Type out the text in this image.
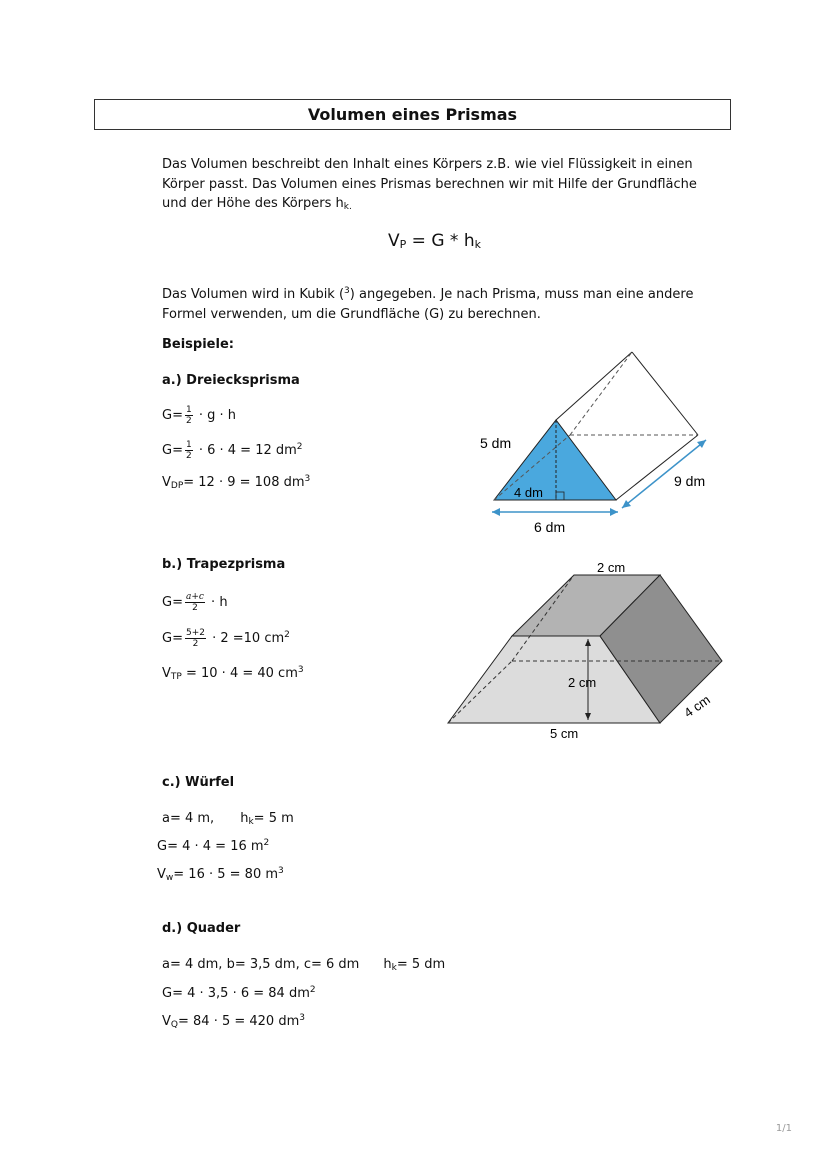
Volumen eines Prismas
Das Volumen beschreibt den Inhalt eines Körpers z.B. wie viel Flüssigkeit in einen
Körper passt. Das Volumen eines Prismas berechnen wir mit Hilfe der Grundfläche
und der Höhe des Körpers $h_{k.}$
$V_P = G * h_k$
Das Volumen wird in Kubik ($^3$) angegeben. Je nach Prisma, muss man eine andere
Formel verwenden, um die Grundfläche (G) zu berechnen.
Beispiele:
a.) Dreiecksprisma
$G= \frac{1}{2} \cdot g \cdot h$
$G= \frac{1}{2} \cdot 6 \cdot 4 = 12$ $dm^2$
$V_{DP}= 12 \cdot 9 = 108$ $dm^3$
5 dm
4 dm
6 dm
9 dm
b.) Trapezprisma
$G= \frac{a+c}{2} \cdot h$
$G= \frac{5+2}{2} \cdot 2 =10$ $cm^2$
$V_{TP} = 10 \cdot 4 = 40$ $cm^3$
2 cm
2 cm
5 cm
4 cm
c.) Würfel
a= 4 m, $h_k= 5$ m
G= 4 · 4 = 16 $m^2$
$V_w= 16 \cdot 5 = 80$ $m^3$
d.) Quader
a= 4 dm, b= 3,5 dm, c= 6 dm $h_k= 5$ dm
G= 4 · 3,5 · 6 = 84 $dm^2$
$V_Q= 84 \cdot 5 = 420$ $dm^3$
1/1
